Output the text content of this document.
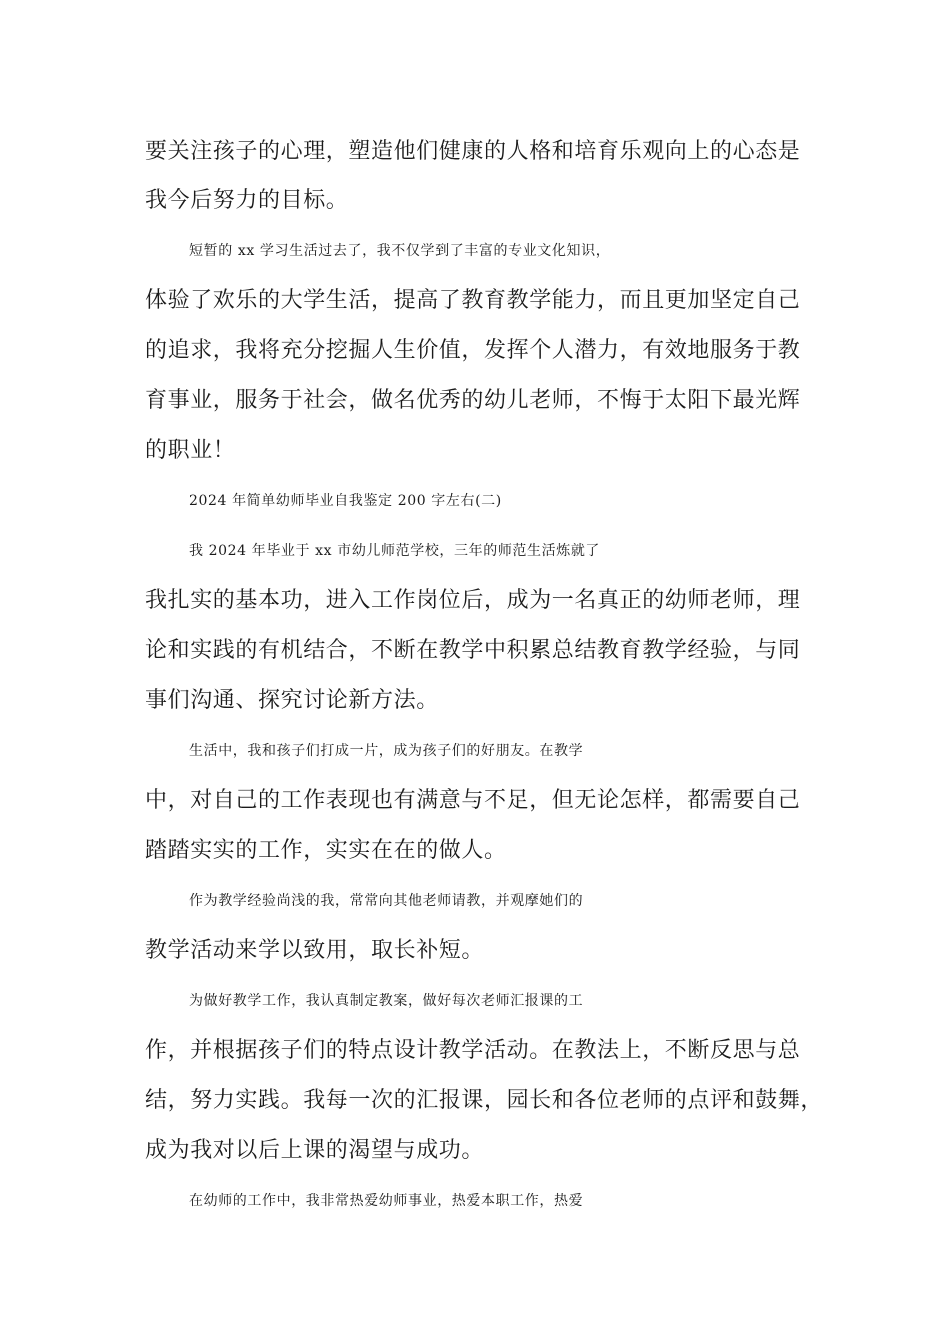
要关注孩子的心理，塑造他们健康的人格和培育乐观向上的心态是
我今后努力的目标。
短暂的 xx 学习生活过去了，我不仅学到了丰富的专业文化知识，
体验了欢乐的大学生活，提高了教育教学能力，而且更加坚定自己
的追求，我将充分挖掘人生价值，发挥个人潜力，有效地服务于教
育事业，服务于社会，做名优秀的幼儿老师，不悔于太阳下最光辉
的职业！
2024 年简单幼师毕业自我鉴定 200 字左右(二)
我 2024 年毕业于 xx 市幼儿师范学校，三年的师范生活炼就了
我扎实的基本功，进入工作岗位后，成为一名真正的幼师老师，理
论和实践的有机结合，不断在教学中积累总结教育教学经验，与同
事们沟通、探究讨论新方法。
生活中，我和孩子们打成一片，成为孩子们的好朋友。在教学
中，对自己的工作表现也有满意与不足，但无论怎样，都需要自己
踏踏实实的工作，实实在在的做人。
作为教学经验尚浅的我，常常向其他老师请教，并观摩她们的
教学活动来学以致用，取长补短。
为做好教学工作，我认真制定教案，做好每次老师汇报课的工
作，并根据孩子们的特点设计教学活动。在教法上，不断反思与总
结，努力实践。我每一次的汇报课，园长和各位老师的点评和鼓舞，
成为我对以后上课的渴望与成功。
在幼师的工作中，我非常热爱幼师事业，热爱本职工作，热爱
